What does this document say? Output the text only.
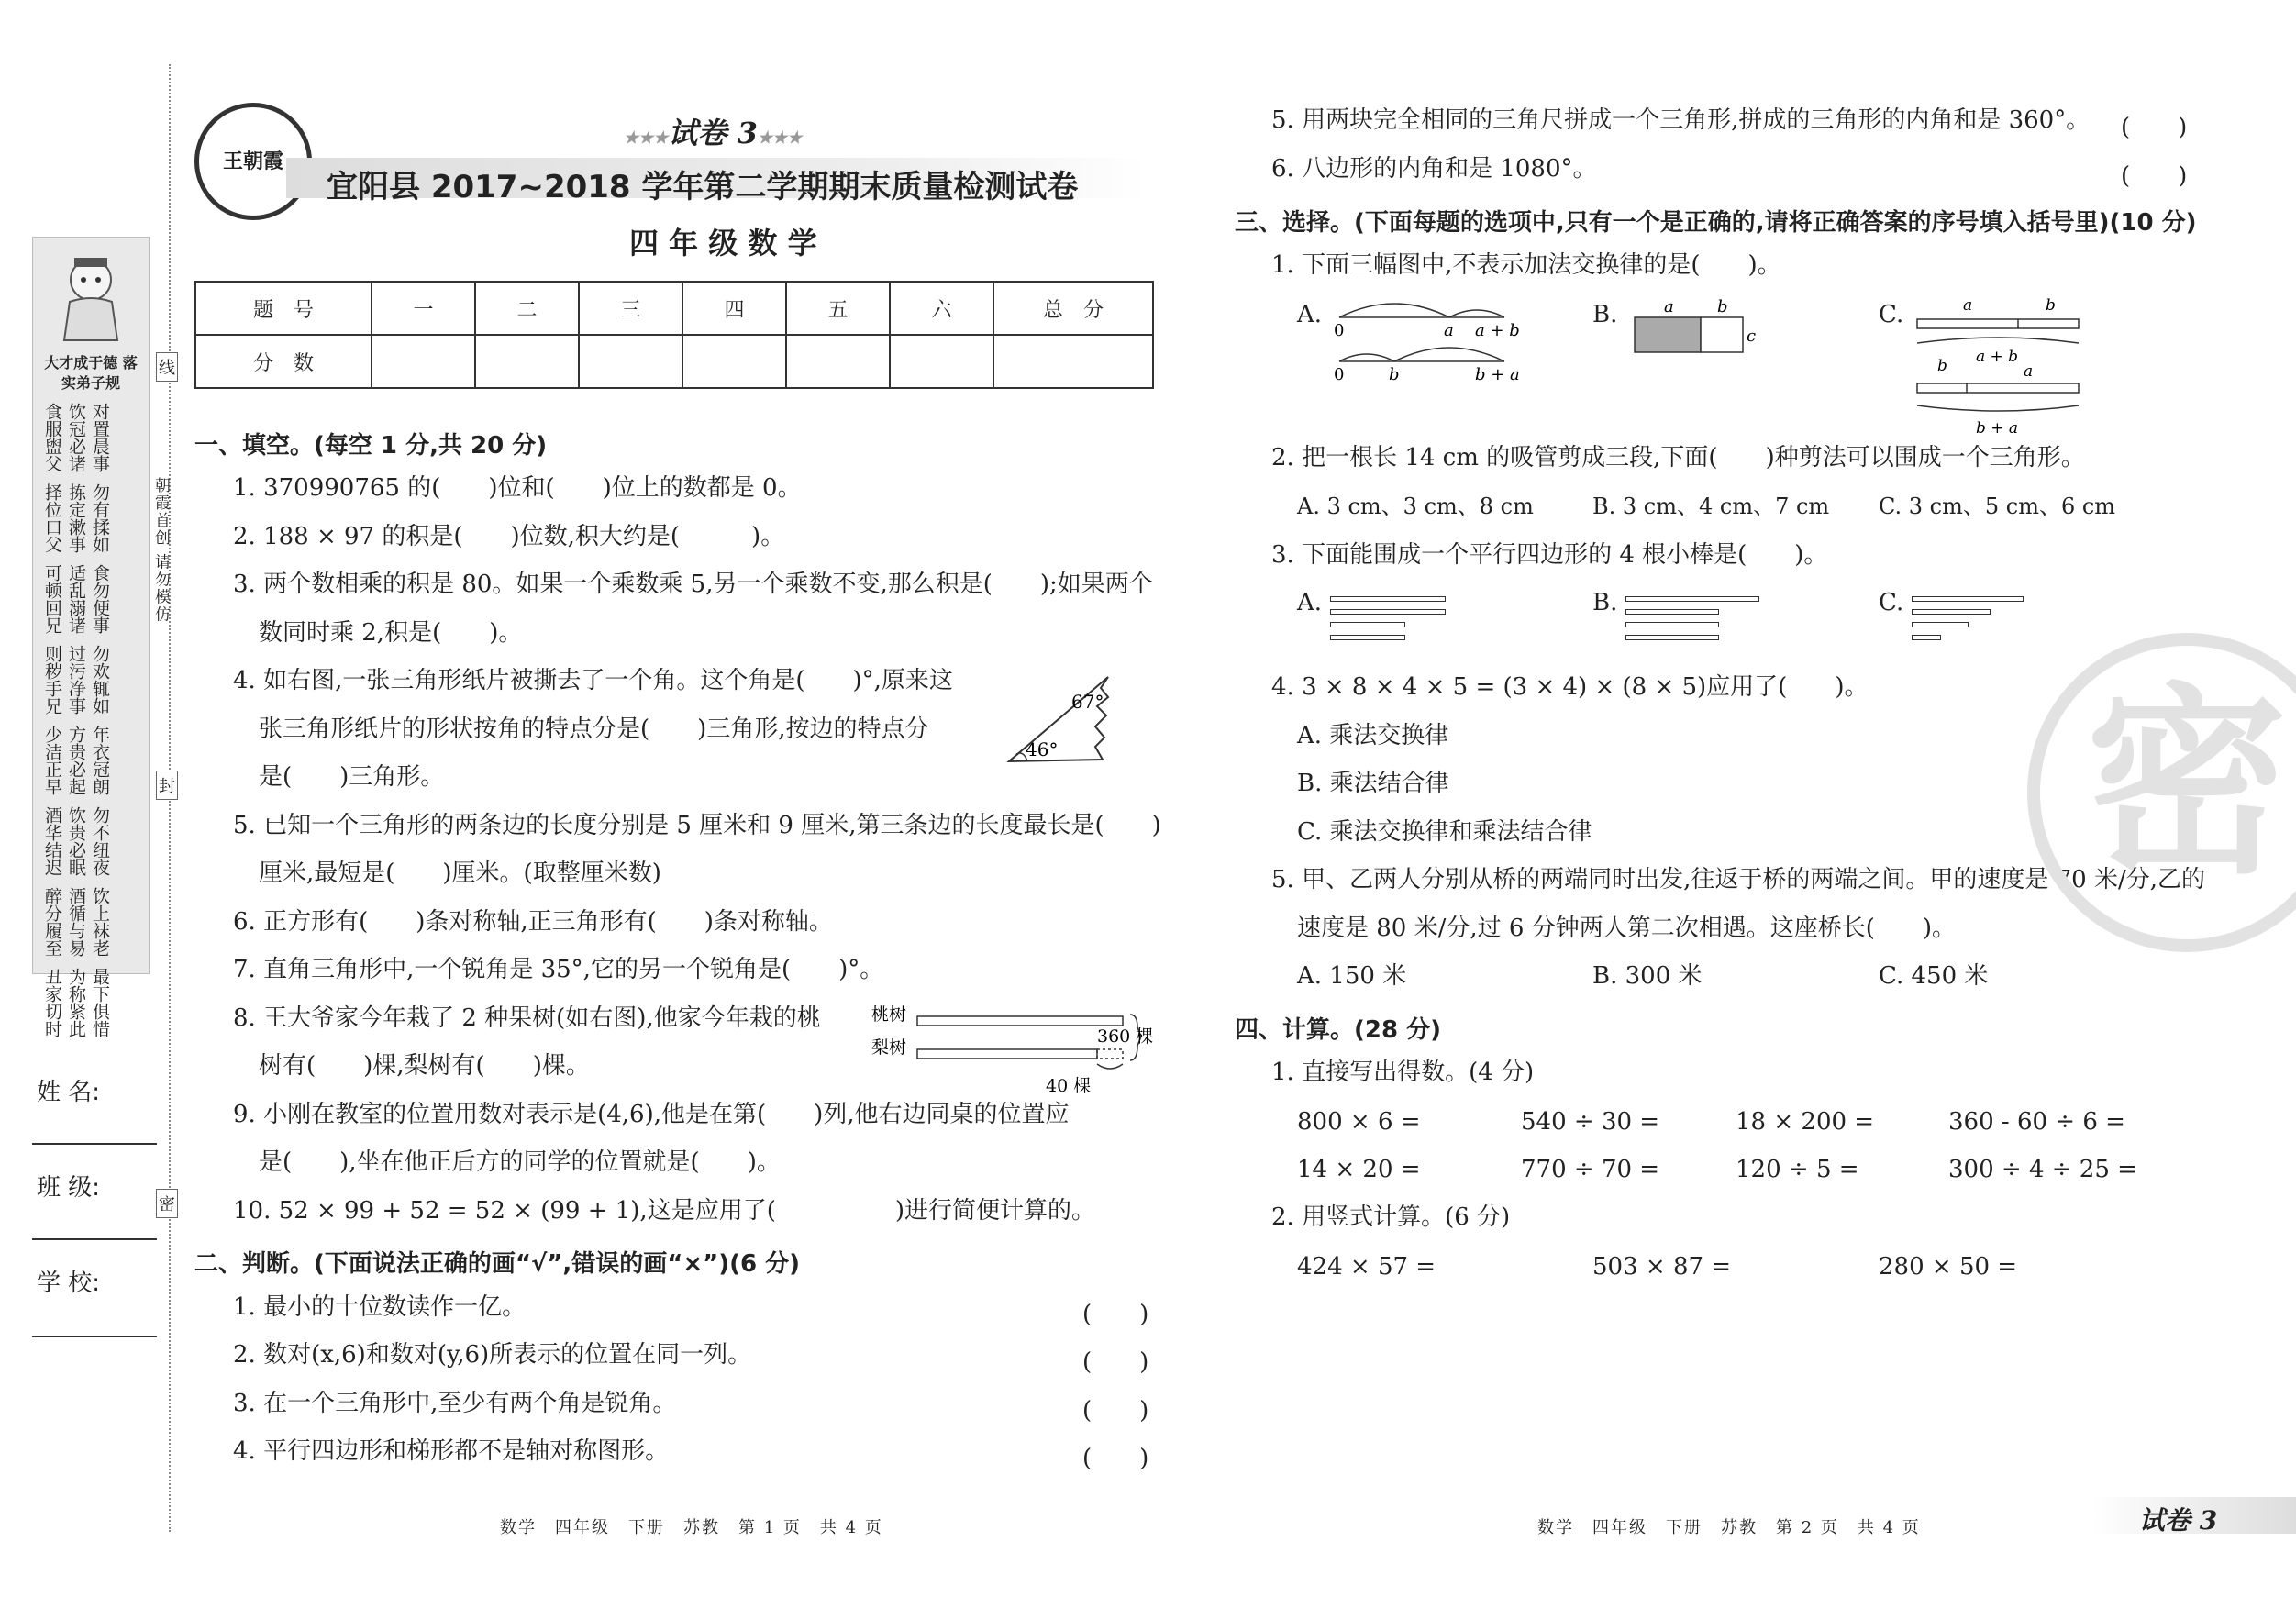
大才成于德 落实弟子规
对置晨事饮冠必诸食服盥父
勿有揉如拣定漱事择位口父
食勿便事适乱溺诸可顿回兄
勿欢辄如过污净事则秽手兄
年衣冠朗方贵必起少洁正早
勿不纽夜饮贵必眠酒华结迟
饮上袜老酒循与易醉分履至
最下俱惜为称紧此丑家切时
线
封
密
朝霞首创 请勿模仿
姓 名:
班 级:
学 校:
王朝霞
★★★试卷 3★★★
宜阳县 2017~2018 学年第二学期期末质量检测试卷
四 年 级 数 学
题　号	一	二	三	四	五	六	总　分
分　数							
一、填空。(每空 1 分,共 20 分)
1. 370990765 的(　　)位和(　　)位上的数都是 0。
2. 188 × 97 的积是(　　)位数,积大约是(　　　)。
3. 两个数相乘的积是 80。如果一个乘数乘 5,另一个乘数不变,那么积是(　　);如果两个
数同时乘 2,积是(　　)。
4. 如右图,一张三角形纸片被撕去了一个角。这个角是(　　)°,原来这
张三角形纸片的形状按角的特点分是(　　)三角形,按边的特点分
是(　　)三角形。
67°
46°
5. 已知一个三角形的两条边的长度分别是 5 厘米和 9 厘米,第三条边的长度最长是(　　)
厘米,最短是(　　)厘米。(取整厘米数)
6. 正方形有(　　)条对称轴,正三角形有(　　)条对称轴。
7. 直角三角形中,一个锐角是 35°,它的另一个锐角是(　　)°。
8. 王大爷家今年栽了 2 种果树(如右图),他家今年栽的桃
树有(　　)棵,梨树有(　　)棵。
桃树
梨树
360 棵
40 棵
9. 小刚在教室的位置用数对表示是(4,6),他是在第(　　)列,他右边同桌的位置应
是(　　),坐在他正后方的同学的位置就是(　　)。
10. 52 × 99 + 52 = 52 × (99 + 1),这是应用了(　　　　　)进行简便计算的。
二、判断。(下面说法正确的画“√”,错误的画“×”)(6 分)
1. 最小的十位数读作一亿。	(　　)
2. 数对(x,6)和数对(y,6)所表示的位置在同一列。	(　　)
3. 在一个三角形中,至少有两个角是锐角。	(　　)
4. 平行四边形和梯形都不是轴对称图形。	(　　)
5. 用两块完全相同的三角尺拼成一个三角形,拼成的三角形的内角和是 360°。 (　　)
6. 八边形的内角和是 1080°。	(　　)
三、选择。(下面每题的选项中,只有一个是正确的,请将正确答案的序号填入括号里)(10 分)
1. 下面三幅图中,不表示加法交换律的是(　　)。
A.
0	a a + b
0	b	b + a
B.	a	b
c
C.	a	b
a + b
b	a
b + a
2. 把一根长 14 cm 的吸管剪成三段,下面(　　)种剪法可以围成一个三角形。
A. 3 cm、3 cm、8 cm	B. 3 cm、4 cm、7 cm C. 3 cm、5 cm、6 cm
3. 下面能围成一个平行四边形的 4 根小棒是(　　)。
A.	B.	C.
4. 3 × 8 × 4 × 5 = (3 × 4) × (8 × 5)应用了(　　)。
A. 乘法交换律
B. 乘法结合律
C. 乘法交换律和乘法结合律
5. 甲、乙两人分别从桥的两端同时出发,往返于桥的两端之间。甲的速度是 70 米/分,乙的
速度是 80 米/分,过 6 分钟两人第二次相遇。这座桥长(　　)。
A. 150 米	B. 300 米	C. 450 米
四、计算。(28 分)
1. 直接写出得数。(4 分)
800 × 6 =	540 ÷ 30 =	18 × 200 =	360 - 60 ÷ 6 =
14 × 20 =	770 ÷ 70 =	120 ÷ 5 =	300 ÷ 4 ÷ 25 =
2. 用竖式计算。(6 分)
424 × 57 =	503 × 87 =	280 × 50 =
密
数学　四年级　下册　苏教　第 1 页　共 4 页	数学　四年级　下册　苏教　第 2 页　共 4 页	试卷 3
